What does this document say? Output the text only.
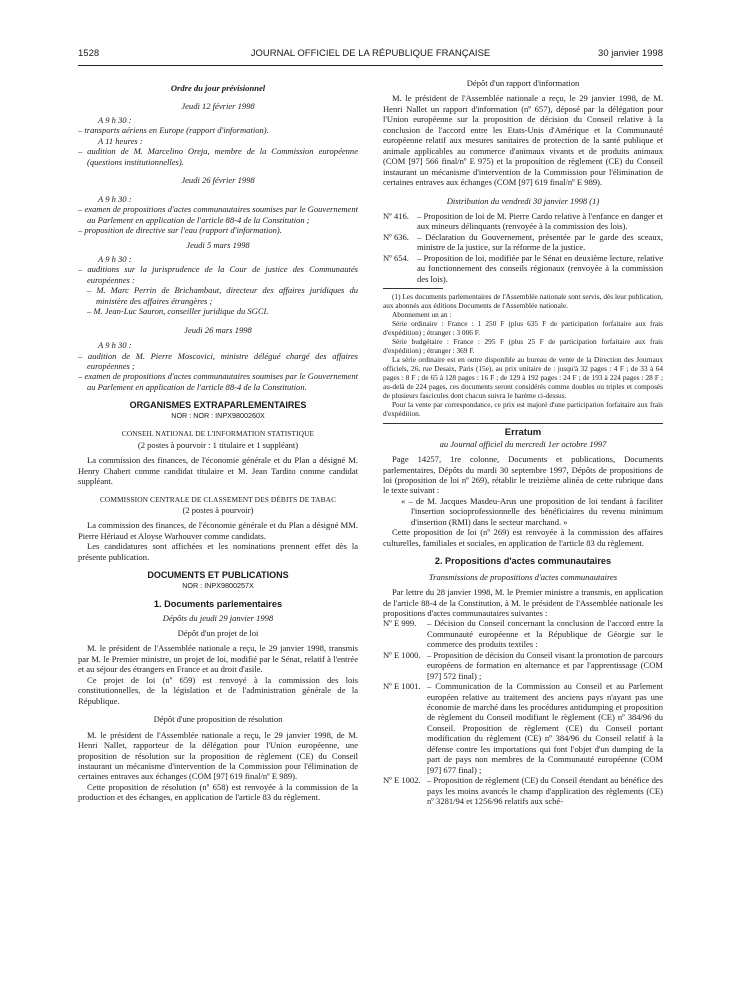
1528	JOURNAL OFFICIEL DE LA RÉPUBLIQUE FRANÇAISE	30 janvier 1998

Ordre du jour prévisionnel

Jeudi 12 février 1998

A 9 h 30 :

– transports aériens en Europe (rapport d'information).

A 11 heures :

– audition de M. Marcelino Oreja, membre de la Commission européenne (questions institutionnelles).

Jeudi 26 février 1998

A 9 h 30 :

– examen de propositions d'actes communautaires soumises par le Gouvernement au Parlement en application de l'article 88-4 de la Constitution ;

– proposition de directive sur l'eau (rapport d'information).

Jeudi 5 mars 1998

A 9 h 30 :

– auditions sur la jurisprudence de la Cour de justice des Communautés européennes :

– M. Marc Perrin de Brichambaut, directeur des affaires juridiques du ministère des affaires étrangères ;

– M. Jean-Luc Sauron, conseiller juridique du SGCI.

Jeudi 26 mars 1998

A 9 h 30 :

– audition de M. Pierre Moscovici, ministre délégué chargé des affaires européennes ;

– examen de propositions d'actes communautaires soumises par le Gouvernement au Parlement en application de l'article 88-4 de la Constitution.

ORGANISMES EXTRAPARLEMENTAIRES

NOR : NOR : INPX9800260X

CONSEIL NATIONAL DE L'INFORMATION STATISTIQUE

(2 postes à pourvoir : 1 titulaire et 1 suppléant)

La commission des finances, de l'économie générale et du Plan a désigné M. Henry Chabert comme candidat titulaire et M. Jean Tardito comme candidat suppléant.

COMMISSION CENTRALE DE CLASSEMENT DES DÉBITS DE TABAC

(2 postes à pourvoir)

La commission des finances, de l'économie générale et du Plan a désigné MM. Pierre Hériaud et Aloyse Warhouver comme candidats.

Les candidatures sont affichées et les nominations prennent effet dès la présente publication.

DOCUMENTS ET PUBLICATIONS

NOR : INPX9800257X

1. Documents parlementaires

Dépôts du jeudi 29 janvier 1998

Dépôt d'un projet de loi

M. le président de l'Assemblée nationale a reçu, le 29 janvier 1998, transmis par M. le Premier ministre, un projet de loi, modifié par le Sénat, relatif à l'entrée et au séjour des étrangers en France et au droit d'asile.

Ce projet de loi (nº 659) est renvoyé à la commission des lois constitutionnelles, de la législation et de l'administration générale de la République.

Dépôt d'une proposition de résolution

M. le président de l'Assemblée nationale a reçu, le 29 janvier 1998, de M. Henri Nallet, rapporteur de la délégation pour l'Union européenne, une proposition de résolution sur la proposition de règlement (CE) du Conseil instaurant un mécanisme d'intervention de la Commission pour l'élimination de certaines entraves aux échanges (COM [97] 619 final/nº E 989).

Cette proposition de résolution (nº 658) est renvoyée à la commission de la production et des échanges, en application de l'article 83 du règlement.

Dépôt d'un rapport d'information

M. le président de l'Assemblée nationale a reçu, le 29 janvier 1998, de M. Henri Nallet un rapport d'information (nº 657), déposé par la délégation pour l'Union européenne sur la proposition de décision du Conseil relative à la conclusion de l'accord entre les Etats-Unis d'Amérique et la Communauté européenne relatif aux mesures sanitaires de protection de la santé publique et animale applicables au commerce d'animaux vivants et de produits animaux (COM [97] 566 final/nº E 975) et la proposition de règlement (CE) du Conseil instaurant un mécanisme d'intervention de la Commission pour l'élimination de certaines entraves aux échanges (COM [97] 619 final/nº E 989).

Distribution du vendredi 30 janvier 1998 (1)

Nº 416. – Proposition de loi de M. Pierre Cardo relative à l'enfance en danger et aux mineurs délinquants (renvoyée à la commission des lois).
Nº 636. – Déclaration du Gouvernement, présentée par le garde des sceaux, ministre de la justice, sur la réforme de la justice.
Nº 654. – Proposition de loi, modifiée par le Sénat en deuxième lecture, relative au fonctionnement des conseils régionaux (renvoyée à la commission des lois).

(1) Les documents parlementaires de l'Assemblée nationale sont servis, dès leur publication, aux abonnés aux éditions Documents de l'Assemblée nationale.

Abonnement un an :

Série ordinaire : France : 1 250 F (plus 635 F de participation forfaitaire aux frais d'expédition) ; étranger : 3 006 F.

Série budgétaire : France : 295 F (plus 25 F de participation forfaitaire aux frais d'expédition) ; étranger : 369 F.

La série ordinaire est en outre disponible au bureau de vente de la Direction des Journaux officiels, 26, rue Desaix, Paris (15e), au prix unitaire de : jusqu'à 32 pages : 4 F ; de 33 à 64 pages : 8 F ; de 65 à 128 pages : 16 F ; de 129 à 192 pages : 24 F ; de 193 à 224 pages : 28 F ; au-delà de 224 pages, ces documents seront considérés comme doubles ou triples et composés de plusieurs fascicules dont chacun suivra le barème ci-dessus.

Pour la vente par correspondance, ce prix est majoré d'une participation forfaitaire aux frais d'expédition.

Erratum

au Journal officiel du mercredi 1er octobre 1997

Page 14257, 1re colonne, Documents et publications, Documents parlementaires, Dépôts du mardi 30 septembre 1997, Dépôts de propositions de loi (proposition de loi nº 269), rétablir le treizième alinéa de cette rubrique dans le texte suivant :

« – de M. Jacques Masdeu-Arus une proposition de loi tendant à faciliter l'insertion socioprofessionnelle des bénéficiaires du revenu minimum d'insertion (RMI) dans le secteur marchand. »

Cette proposition de loi (nº 269) est renvoyée à la commission des affaires culturelles, familiales et sociales, en application de l'article 83 du règlement.

2. Propositions d'actes communautaires

Transmissions de propositions d'actes communautaires

Par lettre du 28 janvier 1998, M. le Premier ministre a transmis, en application de l'article 88-4 de la Constitution, à M. le président de l'Assemblée nationale les propositions d'actes communautaires suivantes :

Nº E 999.	– Décision du Conseil concernant la conclusion de l'accord entre la Communauté européenne et la République de Géorgie sur le commerce des produits textiles :
Nº E 1000. – Proposition de décision du Conseil visant la promotion de parcours européens de formation en alternance et par l'apprentissage (COM [97] 572 final) ;
Nº E 1001. – Communication de la Commission au Conseil et au Parlement européen relative au traitement des anciens pays n'ayant pas une économie de marché dans les procédures antidumping et proposition de règlement du Conseil modifiant le règlement (CE) nº 384/96 du Conseil. Proposition de règlement (CE) du Conseil portant modification du règlement (CE) nº 384/96 du Conseil relatif à la défense contre les importations qui font l'objet d'un dumping de la part de pays non membres de la Communauté européenne (COM [97] 677 final) ;
Nº E 1002. – Proposition de règlement (CE) du Conseil étendant au bénéfice des pays les moins avancés le champ d'application des règlements (CE) nº 3281/94 et 1256/96 relatifs aux sché-
